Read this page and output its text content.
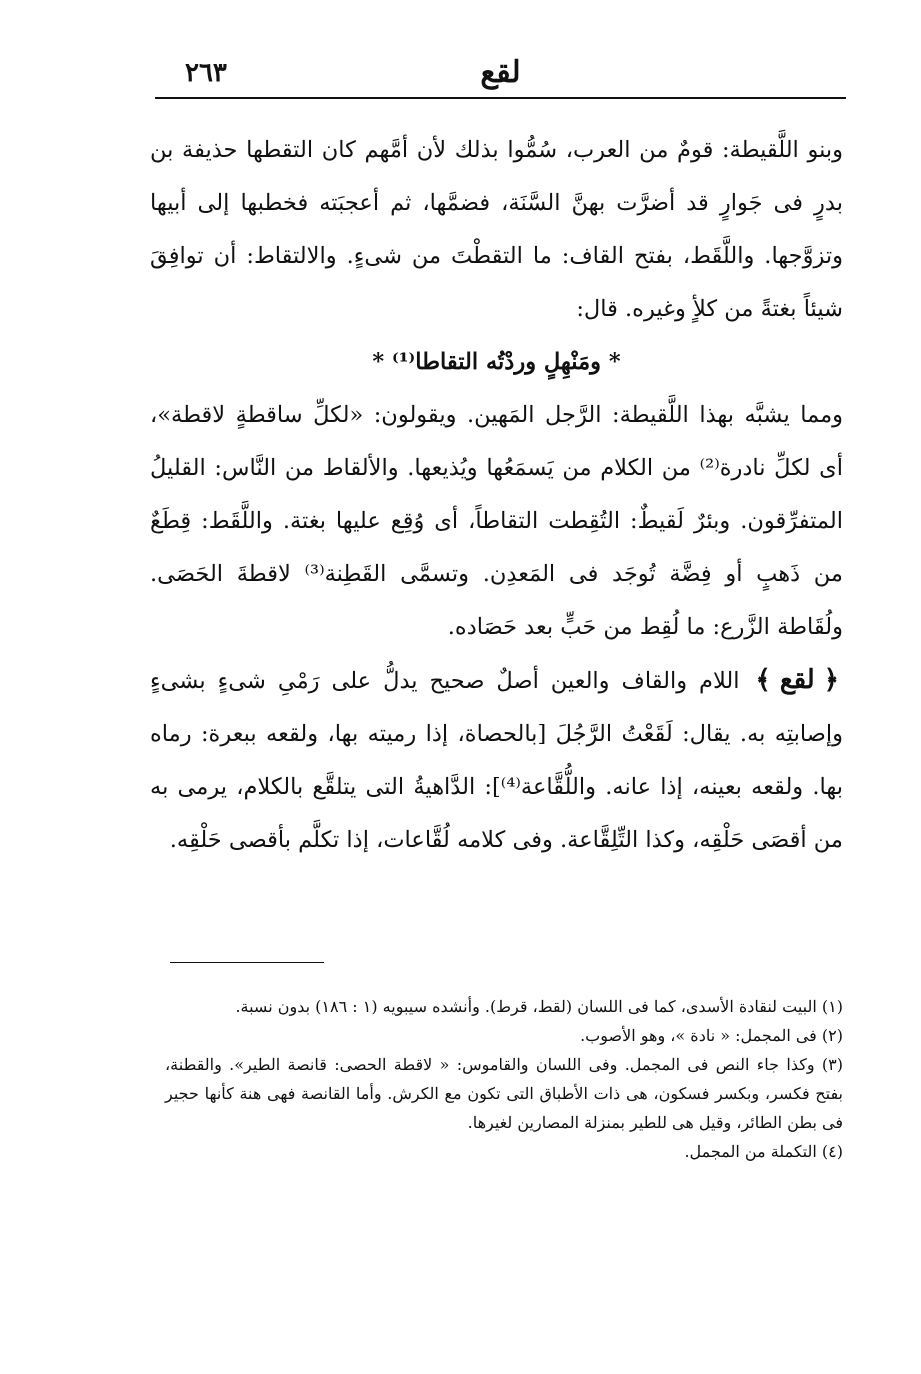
لقع
٢٦٣

وبنو اللَّقيطة: قومٌ من العرب، سُمُّوا بذلك لأن أمَّهم كان التقطها حذيفة بن بدرٍ فى جَوارٍ قد أضرَّت بهنَّ السَّنَة، فضمَّها، ثم أعجبَته فخطبها إلى أبيها وتزوَّجها. واللَّقَط، بفتح القاف: ما التقطْتَ من شىءٍ. والالتقاط: أن توافِقَ شيئاً بغتةً من كلأٍ وغيره. قال:

* ومَنْهِلٍ وردْتُه التقاطا⁽¹⁾ *

ومما يشبَّه بهذا اللَّقيطة: الرَّجل المَهين. ويقولون: «لكلِّ ساقطةٍ لاقطة»، أى لكلِّ نادرة⁽²⁾ من الكلام من يَسمَعُها ويُذيعها. والألقاط من النَّاس: القليلُ المتفرِّقون. وبئرٌ لَقيطٌ: التُقِطت التقاطاً، أى وُقِع عليها بغتة. واللَّقَط: قِطَعٌ من ذَهبٍ أو فِضَّة تُوجَد فى المَعدِن. وتسمَّى القَطِنة⁽³⁾ لاقطةَ الحَصَى. ولُقَاطة الزَّرع: ما لُقِط من حَبٍّ بعد حَصَاده.

﴿ لقع ﴾ اللام والقاف والعين أصلٌ صحيح يدلُّ على رَمْىِ شىءٍ بشىءٍ وإصابتِه به. يقال: لَقَعْتُ الرَّجُلَ [بالحصاة، إذا رميته بها، ولقعه ببعرة: رماه بها. ولقعه بعينه، إذا عانه. واللُّقَّاعة⁽⁴⁾]: الدَّاهيةُ التى يتلقَّع بالكلام، يرمى به من أقصَى حَلْقِه، وكذا التِّلِقَّاعة. وفى كلامه لُقَّاعات، إذا تكلَّم بأقصى حَلْقِه.

(١) البيت لنقادة الأسدى، كما فى اللسان (لقط، قرط). وأنشده سيبويه (١ : ١٨٦) بدون نسبة.

(٢) فى المجمل: « نادة »، وهو الأصوب.

(٣) وكذا جاء النص فى المجمل. وفى اللسان والقاموس: « لاقطة الحصى: قانصة الطير». والقطنة، بفتح فكسر، وبكسر فسكون، هى ذات الأطباق التى تكون مع الكرش. وأما القانصة فهى هنة كأنها حجير فى بطن الطائر، وقيل هى للطير بمنزلة المصارين لغيرها.

(٤) التكملة من المجمل.
